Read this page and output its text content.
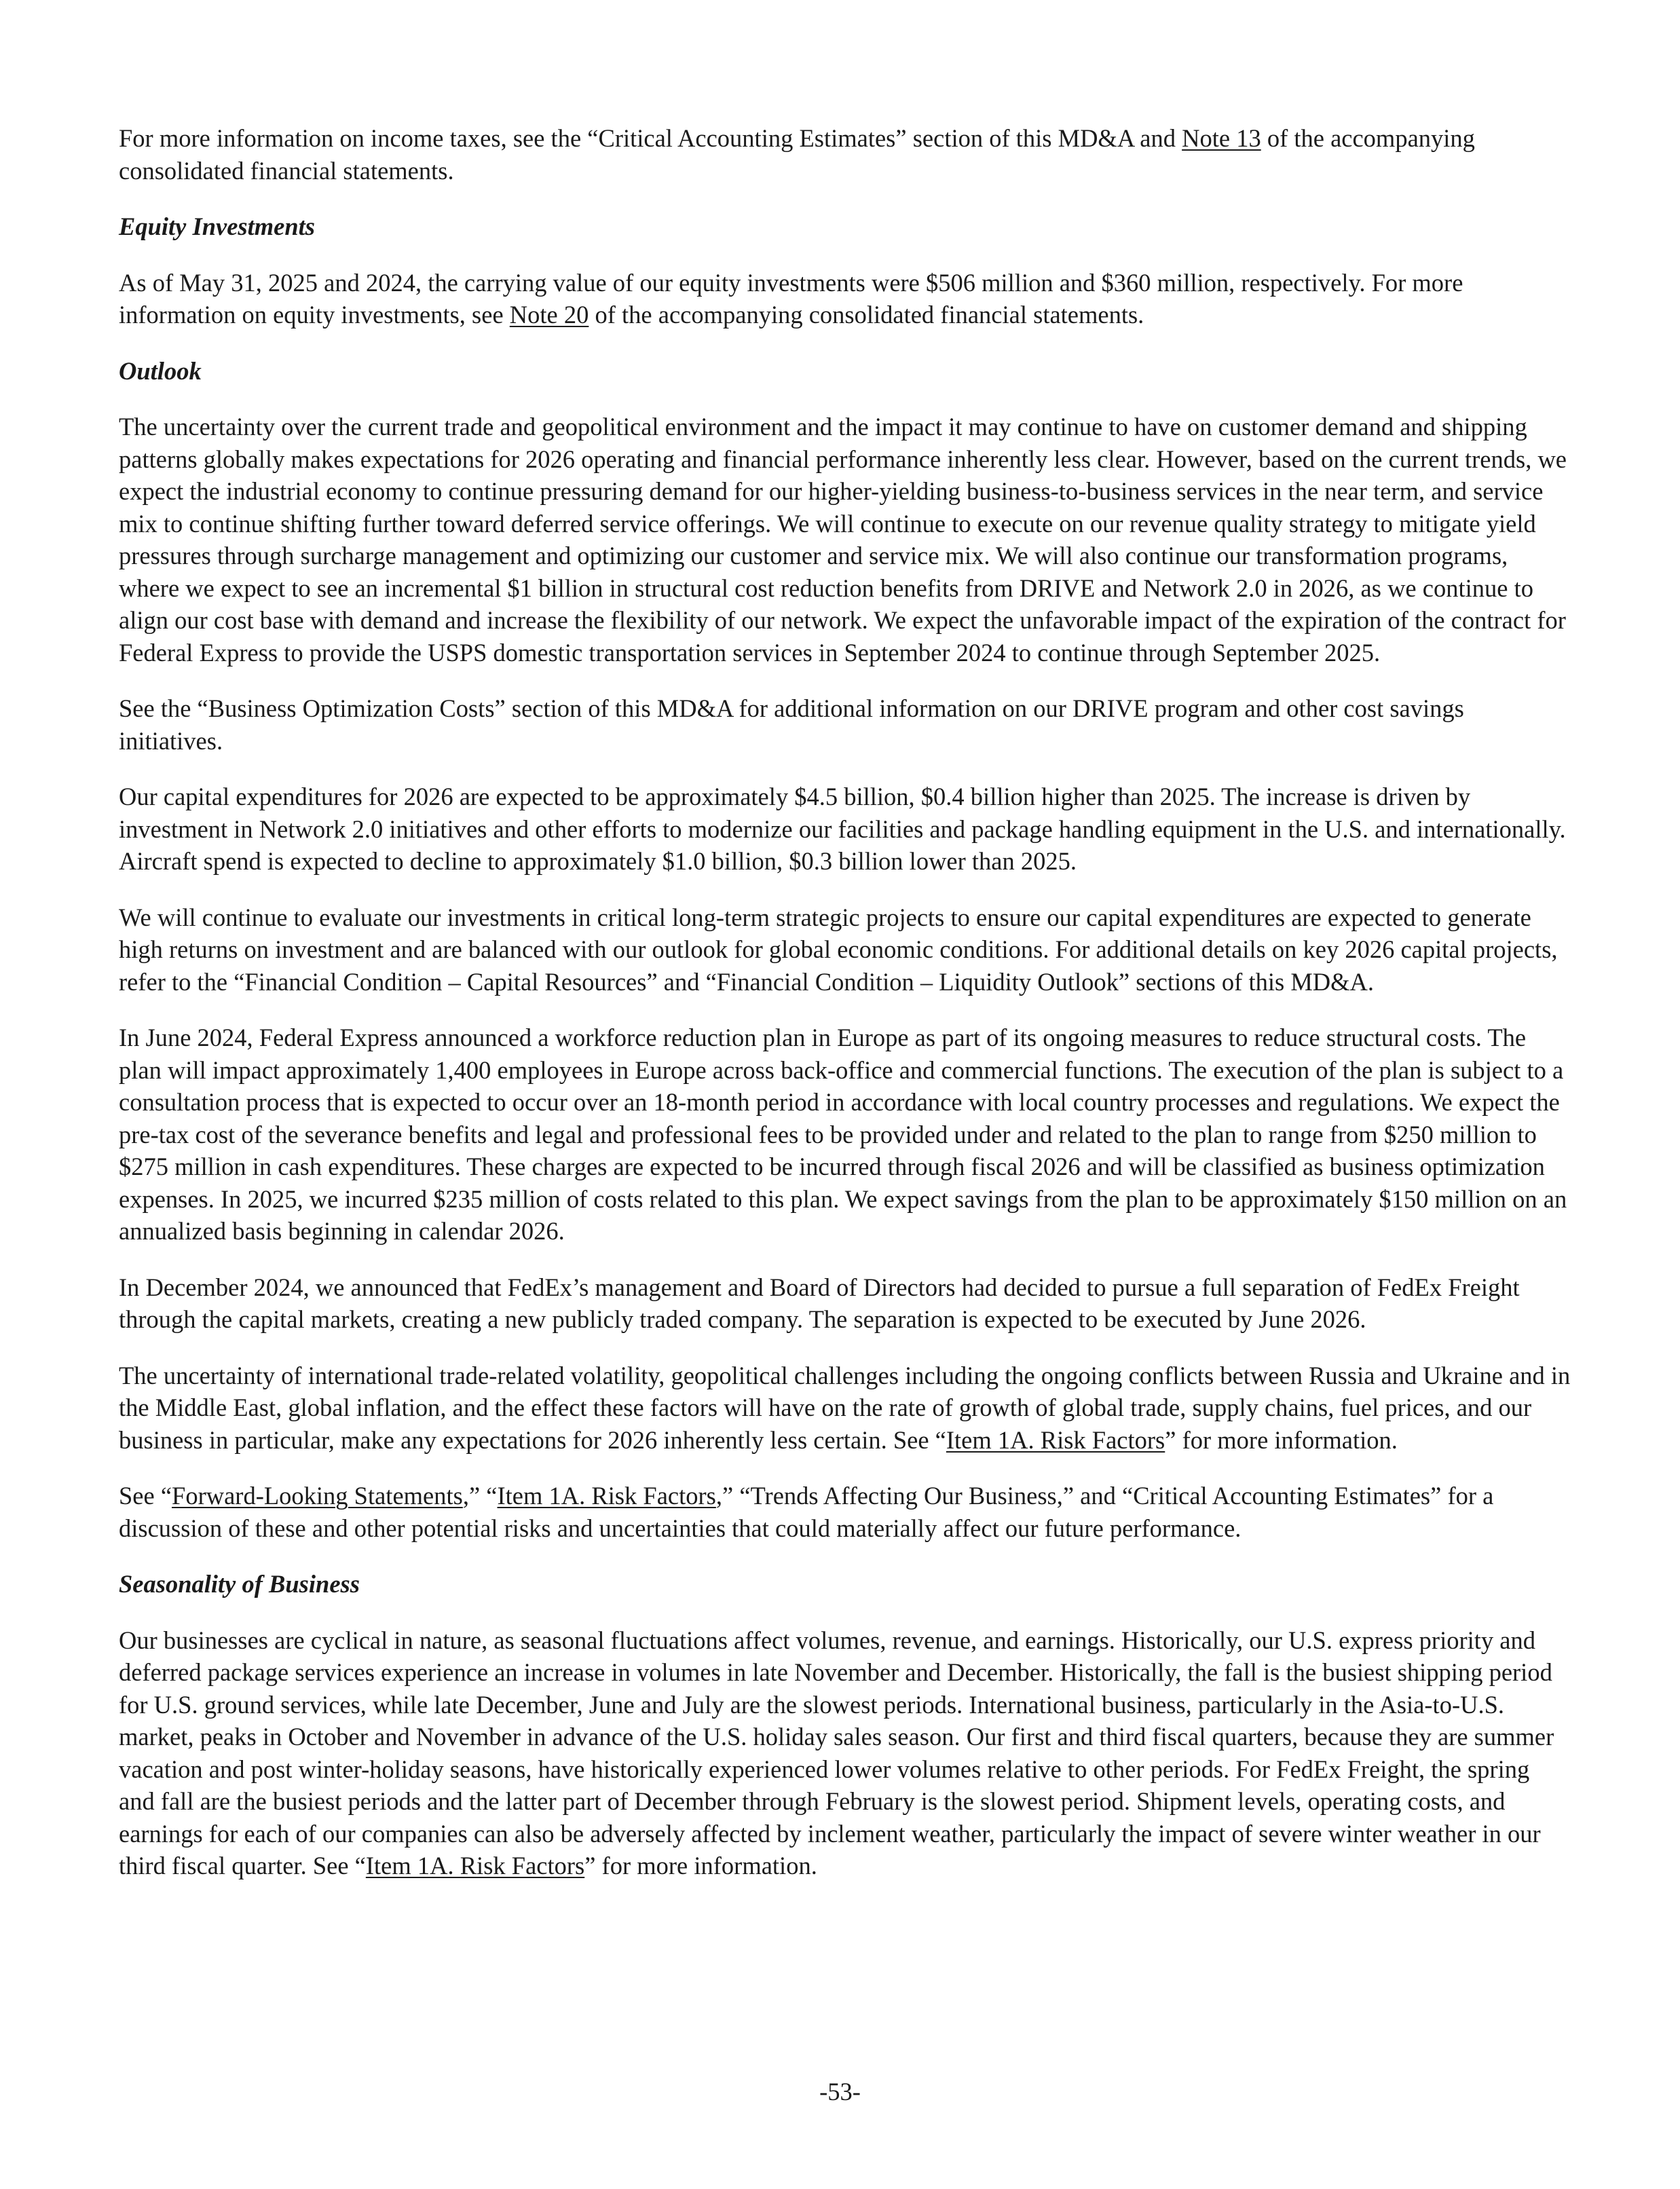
For more information on income taxes, see the “Critical Accounting Estimates” section of this MD&A and Note 13 of the accompanying consolidated financial statements.

Equity Investments

As of May 31, 2025 and 2024, the carrying value of our equity investments were $506 million and $360 million, respectively. For more information on equity investments, see Note 20 of the accompanying consolidated financial statements.

Outlook

The uncertainty over the current trade and geopolitical environment and the impact it may continue to have on customer demand and shipping patterns globally makes expectations for 2026 operating and financial performance inherently less clear. However, based on the current trends, we expect the industrial economy to continue pressuring demand for our higher-yielding business-to-business services in the near term, and service mix to continue shifting further toward deferred service offerings. We will continue to execute on our revenue quality strategy to mitigate yield pressures through surcharge management and optimizing our customer and service mix. We will also continue our transformation programs, where we expect to see an incremental $1 billion in structural cost reduction benefits from DRIVE and Network 2.0 in 2026, as we continue to align our cost base with demand and increase the flexibility of our network. We expect the unfavorable impact of the expiration of the contract for Federal Express to provide the USPS domestic transportation services in September 2024 to continue through September 2025.

See the “Business Optimization Costs” section of this MD&A for additional information on our DRIVE program and other cost savings initiatives.

Our capital expenditures for 2026 are expected to be approximately $4.5 billion, $0.4 billion higher than 2025. The increase is driven by investment in Network 2.0 initiatives and other efforts to modernize our facilities and package handling equipment in the U.S. and internationally. Aircraft spend is expected to decline to approximately $1.0 billion, $0.3 billion lower than 2025.

We will continue to evaluate our investments in critical long-term strategic projects to ensure our capital expenditures are expected to generate high returns on investment and are balanced with our outlook for global economic conditions. For additional details on key 2026 capital projects, refer to the “Financial Condition – Capital Resources” and “Financial Condition – Liquidity Outlook” sections of this MD&A.

In June 2024, Federal Express announced a workforce reduction plan in Europe as part of its ongoing measures to reduce structural costs. The plan will impact approximately 1,400 employees in Europe across back-office and commercial functions. The execution of the plan is subject to a consultation process that is expected to occur over an 18-month period in accordance with local country processes and regulations. We expect the pre-tax cost of the severance benefits and legal and professional fees to be provided under and related to the plan to range from $250 million to $275 million in cash expenditures. These charges are expected to be incurred through fiscal 2026 and will be classified as business optimization expenses. In 2025, we incurred $235 million of costs related to this plan. We expect savings from the plan to be approximately $150 million on an annualized basis beginning in calendar 2026.

In December 2024, we announced that FedEx’s management and Board of Directors had decided to pursue a full separation of FedEx Freight through the capital markets, creating a new publicly traded company. The separation is expected to be executed by June 2026.

The uncertainty of international trade-related volatility, geopolitical challenges including the ongoing conflicts between Russia and Ukraine and in the Middle East, global inflation, and the effect these factors will have on the rate of growth of global trade, supply chains, fuel prices, and our business in particular, make any expectations for 2026 inherently less certain. See “Item 1A. Risk Factors” for more information.

See “Forward-Looking Statements,” “Item 1A. Risk Factors,” “Trends Affecting Our Business,” and “Critical Accounting Estimates” for a discussion of these and other potential risks and uncertainties that could materially affect our future performance.

Seasonality of Business

Our businesses are cyclical in nature, as seasonal fluctuations affect volumes, revenue, and earnings. Historically, our U.S. express priority and deferred package services experience an increase in volumes in late November and December. Historically, the fall is the busiest shipping period for U.S. ground services, while late December, June and July are the slowest periods. International business, particularly in the Asia-to-U.S. market, peaks in October and November in advance of the U.S. holiday sales season. Our first and third fiscal quarters, because they are summer vacation and post winter-holiday seasons, have historically experienced lower volumes relative to other periods. For FedEx Freight, the spring and fall are the busiest periods and the latter part of December through February is the slowest period. Shipment levels, operating costs, and earnings for each of our companies can also be adversely affected by inclement weather, particularly the impact of severe winter weather in our third fiscal quarter. See “Item 1A. Risk Factors” for more information.

-53-
